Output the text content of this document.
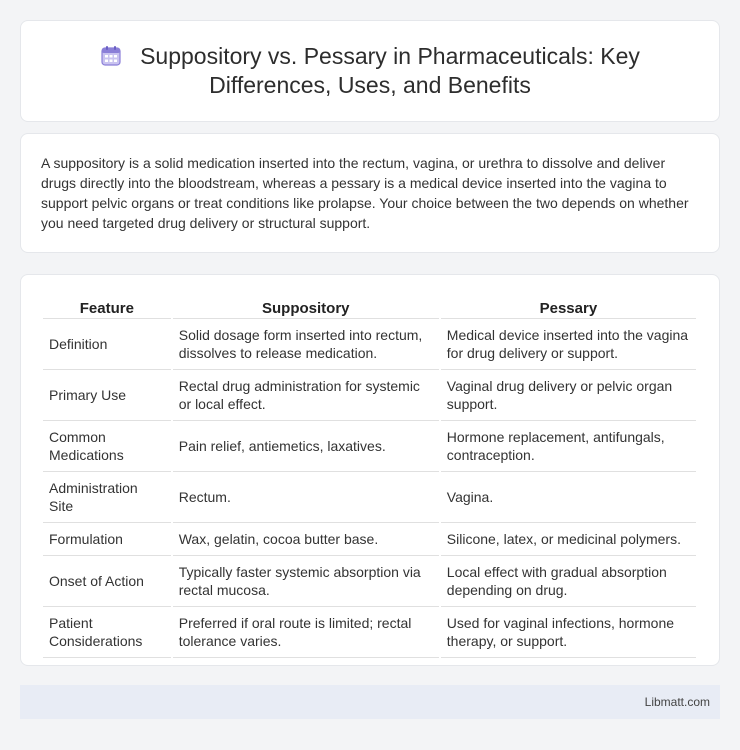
Suppository vs. Pessary in Pharmaceuticals: Key Differences, Uses, and Benefits

A suppository is a solid medication inserted into the rectum, vagina, or urethra to dissolve and deliver drugs directly into the bloodstream, whereas a pessary is a medical device inserted into the vagina to support pelvic organs or treat conditions like prolapse. Your choice between the two depends on whether you need targeted drug delivery or structural support.

Feature	Suppository	Pessary
Definition	Solid dosage form inserted into rectum, dissolves to release medication.	Medical device inserted into the vagina for drug delivery or support.
Primary Use	Rectal drug administration for systemic or local effect.	Vaginal drug delivery or pelvic organ support.
Common Medications	Pain relief, antiemetics, laxatives.	Hormone replacement, antifungals, contraception.
Administration Site	Rectum.	Vagina.
Formulation	Wax, gelatin, cocoa butter base.	Silicone, latex, or medicinal polymers.
Onset of Action	Typically faster systemic absorption via rectal mucosa.	Local effect with gradual absorption depending on drug.
Patient Considerations	Preferred if oral route is limited; rectal tolerance varies.	Used for vaginal infections, hormone therapy, or support.
Libmatt.com
